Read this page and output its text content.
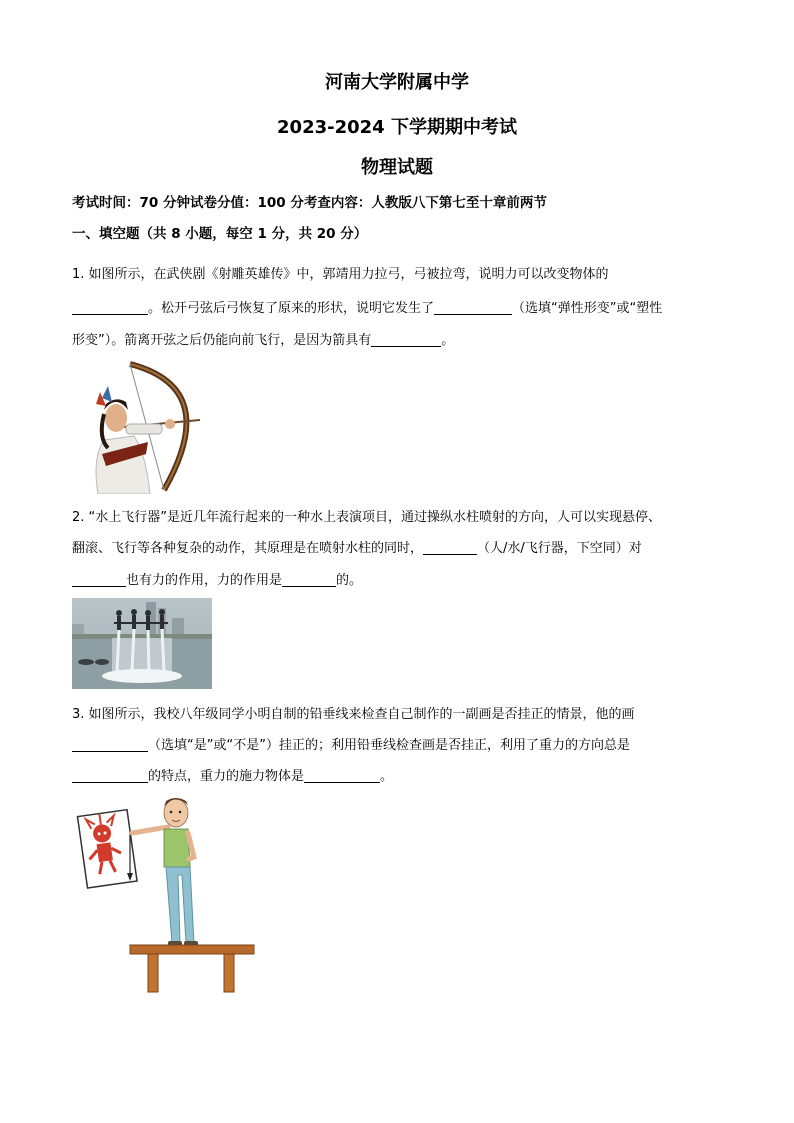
河南大学附属中学
2023-2024 下学期期中考试
物理试题
考试时间：70 分钟试卷分值：100 分考查内容：人教版八下第七至十章前两节
一、填空题（共 8 小题，每空 1 分，共 20 分）
1. 如图所示，在武侠剧《射雕英雄传》中，郭靖用力拉弓，弓被拉弯，说明力可以改变物体的
。松开弓弦后弓恢复了原来的形状，说明它发生了	（选填“弹性形变”或“塑性
形变”）。箭离开弦之后仍能向前飞行，是因为箭具有	。
2. “水上飞行器”是近几年流行起来的一种水上表演项目，通过操纵水柱喷射的方向，人可以实现悬停、
翻滚、飞行等各种复杂的动作，其原理是在喷射水柱的同时，	（人/水/飞行器，下空同）对
也有力的作用，力的作用是	的。
3. 如图所示，我校八年级同学小明自制的铅垂线来检查自己制作的一副画是否挂正的情景，他的画
（选填“是”或“不是”）挂正的；利用铅垂线检查画是否挂正，利用了重力的方向总是
的特点，重力的施力物体是	。
